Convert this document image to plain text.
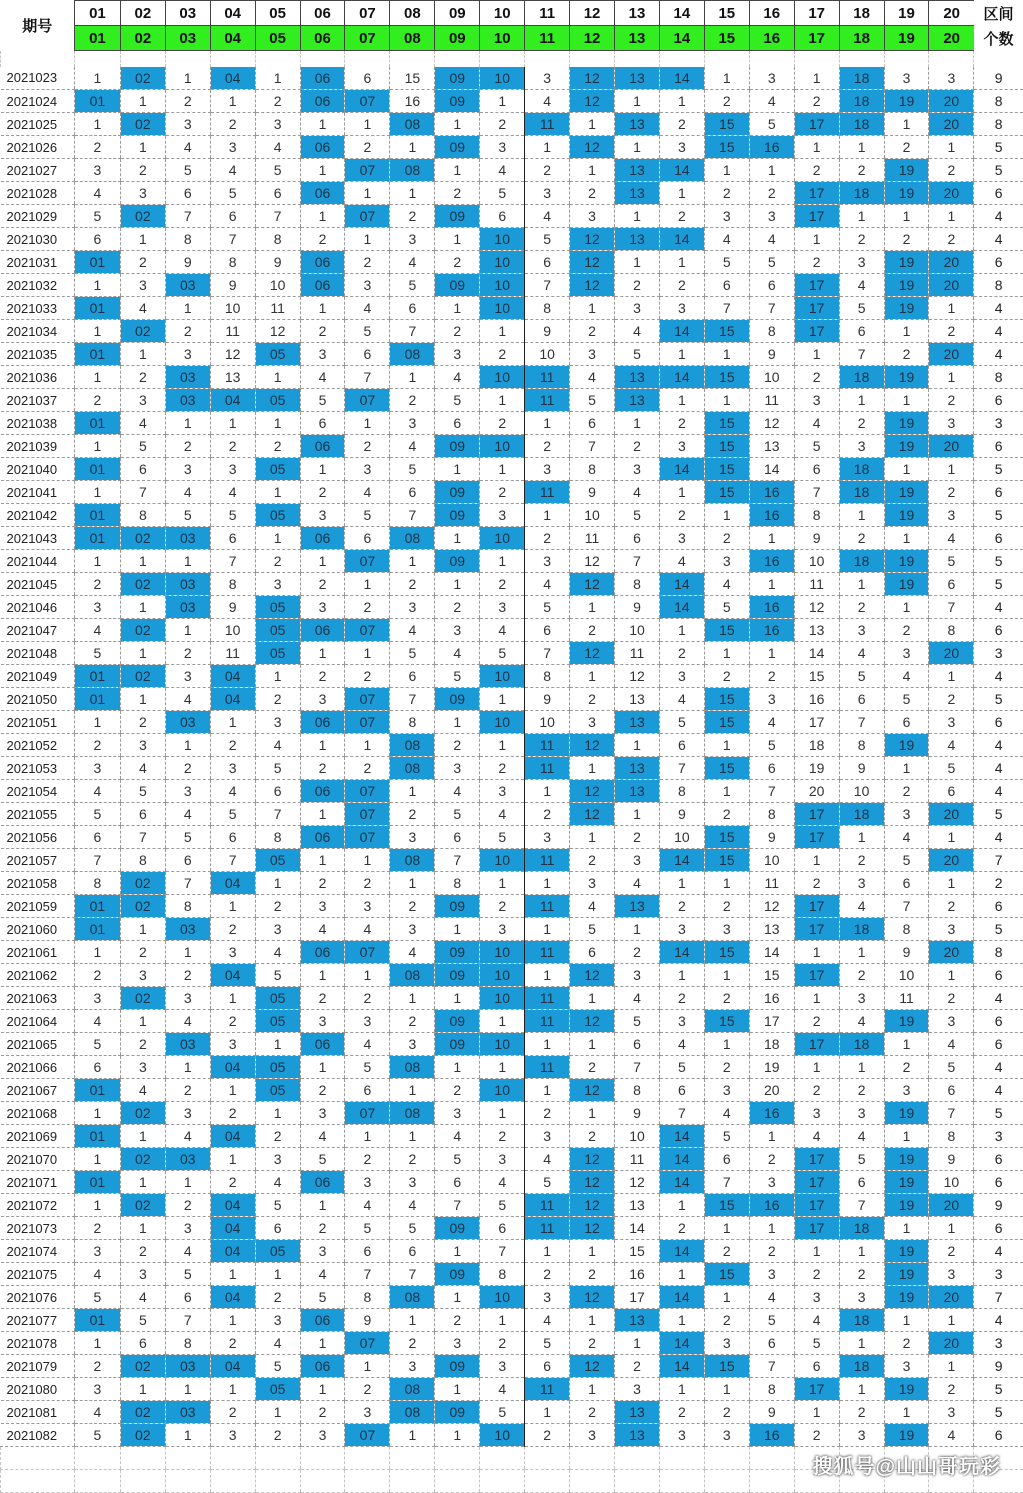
期号	01	02	03	04	05	06	07	08	09	10	11	12	13	14	15	16	17	18	19	20	区间
	01	02	03	04	05	06	07	08	09	10	11	12	13	14	15	16	17	18	19	20	个数

2021023	1	02	1	04	1	06	6	15	09	10	3	12	13	14	1	3	1	18	3	3	9
2021024	01	1	2	1	2	06	07	16	09	1	4	12	1	1	2	4	2	18	19	20	8
2021025	1	02	3	2	3	1	1	08	1	2	11	1	13	2	15	5	17	18	1	20	8
2021026	2	1	4	3	4	06	2	1	09	3	1	12	1	3	15	16	1	1	2	1	5
2021027	3	2	5	4	5	1	07	08	1	4	2	1	13	14	1	1	2	2	19	2	5
2021028	4	3	6	5	6	06	1	1	2	5	3	2	13	1	2	2	17	18	19	20	6
2021029	5	02	7	6	7	1	07	2	09	6	4	3	1	2	3	3	17	1	1	1	4
2021030	6	1	8	7	8	2	1	3	1	10	5	12	13	14	4	4	1	2	2	2	4
2021031	01	2	9	8	9	06	2	4	2	10	6	12	1	1	5	5	2	3	19	20	6
2021032	1	3	03	9	10	06	3	5	09	10	7	12	2	2	6	6	17	4	19	20	8
2021033	01	4	1	10	11	1	4	6	1	10	8	1	3	3	7	7	17	5	19	1	4
2021034	1	02	2	11	12	2	5	7	2	1	9	2	4	14	15	8	17	6	1	2	4
2021035	01	1	3	12	05	3	6	08	3	2	10	3	5	1	1	9	1	7	2	20	4
2021036	1	2	03	13	1	4	7	1	4	10	11	4	13	14	15	10	2	18	19	1	8
2021037	2	3	03	04	05	5	07	2	5	1	11	5	13	1	1	11	3	1	1	2	6
2021038	01	4	1	1	1	6	1	3	6	2	1	6	1	2	15	12	4	2	19	3	3
2021039	1	5	2	2	2	06	2	4	09	10	2	7	2	3	15	13	5	3	19	20	6
2021040	01	6	3	3	05	1	3	5	1	1	3	8	3	14	15	14	6	18	1	1	5
2021041	1	7	4	4	1	2	4	6	09	2	11	9	4	1	15	16	7	18	19	2	6
2021042	01	8	5	5	05	3	5	7	09	3	1	10	5	2	1	16	8	1	19	3	5
2021043	01	02	03	6	1	06	6	08	1	10	2	11	6	3	2	1	9	2	1	4	6
2021044	1	1	1	7	2	1	07	1	09	1	3	12	7	4	3	16	10	18	19	5	5
2021045	2	02	03	8	3	2	1	2	1	2	4	12	8	14	4	1	11	1	19	6	5
2021046	3	1	03	9	05	3	2	3	2	3	5	1	9	14	5	16	12	2	1	7	4
2021047	4	02	1	10	05	06	07	4	3	4	6	2	10	1	15	16	13	3	2	8	6
2021048	5	1	2	11	05	1	1	5	4	5	7	12	11	2	1	1	14	4	3	20	3
2021049	01	02	3	04	1	2	2	6	5	10	8	1	12	3	2	2	15	5	4	1	4
2021050	01	1	4	04	2	3	07	7	09	1	9	2	13	4	15	3	16	6	5	2	5
2021051	1	2	03	1	3	06	07	8	1	10	10	3	13	5	15	4	17	7	6	3	6
2021052	2	3	1	2	4	1	1	08	2	1	11	12	1	6	1	5	18	8	19	4	4
2021053	3	4	2	3	5	2	2	08	3	2	11	1	13	7	15	6	19	9	1	5	4
2021054	4	5	3	4	6	06	07	1	4	3	1	12	13	8	1	7	20	10	2	6	4
2021055	5	6	4	5	7	1	07	2	5	4	2	12	1	9	2	8	17	18	3	20	5
2021056	6	7	5	6	8	06	07	3	6	5	3	1	2	10	15	9	17	1	4	1	4
2021057	7	8	6	7	05	1	1	08	7	10	11	2	3	14	15	10	1	2	5	20	7
2021058	8	02	7	04	1	2	2	1	8	1	1	3	4	1	1	11	2	3	6	1	2
2021059	01	02	8	1	2	3	3	2	09	2	11	4	13	2	2	12	17	4	7	2	6
2021060	01	1	03	2	3	4	4	3	1	3	1	5	1	3	3	13	17	18	8	3	5
2021061	1	2	1	3	4	06	07	4	09	10	11	6	2	14	15	14	1	1	9	20	8
2021062	2	3	2	04	5	1	1	08	09	10	1	12	3	1	1	15	17	2	10	1	6
2021063	3	02	3	1	05	2	2	1	1	10	11	1	4	2	2	16	1	3	11	2	4
2021064	4	1	4	2	05	3	3	2	09	1	11	12	5	3	15	17	2	4	19	3	6
2021065	5	2	03	3	1	06	4	3	09	10	1	1	6	4	1	18	17	18	1	4	6
2021066	6	3	1	04	05	1	5	08	1	1	11	2	7	5	2	19	1	1	2	5	4
2021067	01	4	2	1	05	2	6	1	2	10	1	12	8	6	3	20	2	2	3	6	4
2021068	1	02	3	2	1	3	07	08	3	1	2	1	9	7	4	16	3	3	19	7	5
2021069	01	1	4	04	2	4	1	1	4	2	3	2	10	14	5	1	4	4	1	8	3
2021070	1	02	03	1	3	5	2	2	5	3	4	12	11	14	6	2	17	5	19	9	6
2021071	01	1	1	2	4	06	3	3	6	4	5	12	12	14	7	3	17	6	19	10	6
2021072	1	02	2	04	5	1	4	4	7	5	11	12	13	1	15	16	17	7	19	20	9
2021073	2	1	3	04	6	2	5	5	09	6	11	12	14	2	1	1	17	18	1	1	6
2021074	3	2	4	04	05	3	6	6	1	7	1	1	15	14	2	2	1	1	19	2	4
2021075	4	3	5	1	1	4	7	7	09	8	2	2	16	1	15	3	2	2	19	3	3
2021076	5	4	6	04	2	5	8	08	1	10	3	12	17	14	1	4	3	3	19	20	7
2021077	01	5	7	1	3	06	9	1	2	1	4	1	13	1	2	5	4	18	1	1	4
2021078	1	6	8	2	4	1	07	2	3	2	5	2	1	14	3	6	5	1	2	20	3
2021079	2	02	03	04	5	06	1	3	09	3	6	12	2	14	15	7	6	18	3	1	9
2021080	3	1	1	1	05	1	2	08	1	4	11	1	3	1	1	8	17	1	19	2	5
2021081	4	02	03	2	1	2	3	08	09	5	1	2	13	2	2	9	1	2	1	3	5
2021082	5	02	1	3	2	3	07	1	1	10	2	3	13	3	3	16	2	3	19	4	6

搜狐号@山山哥玩彩
